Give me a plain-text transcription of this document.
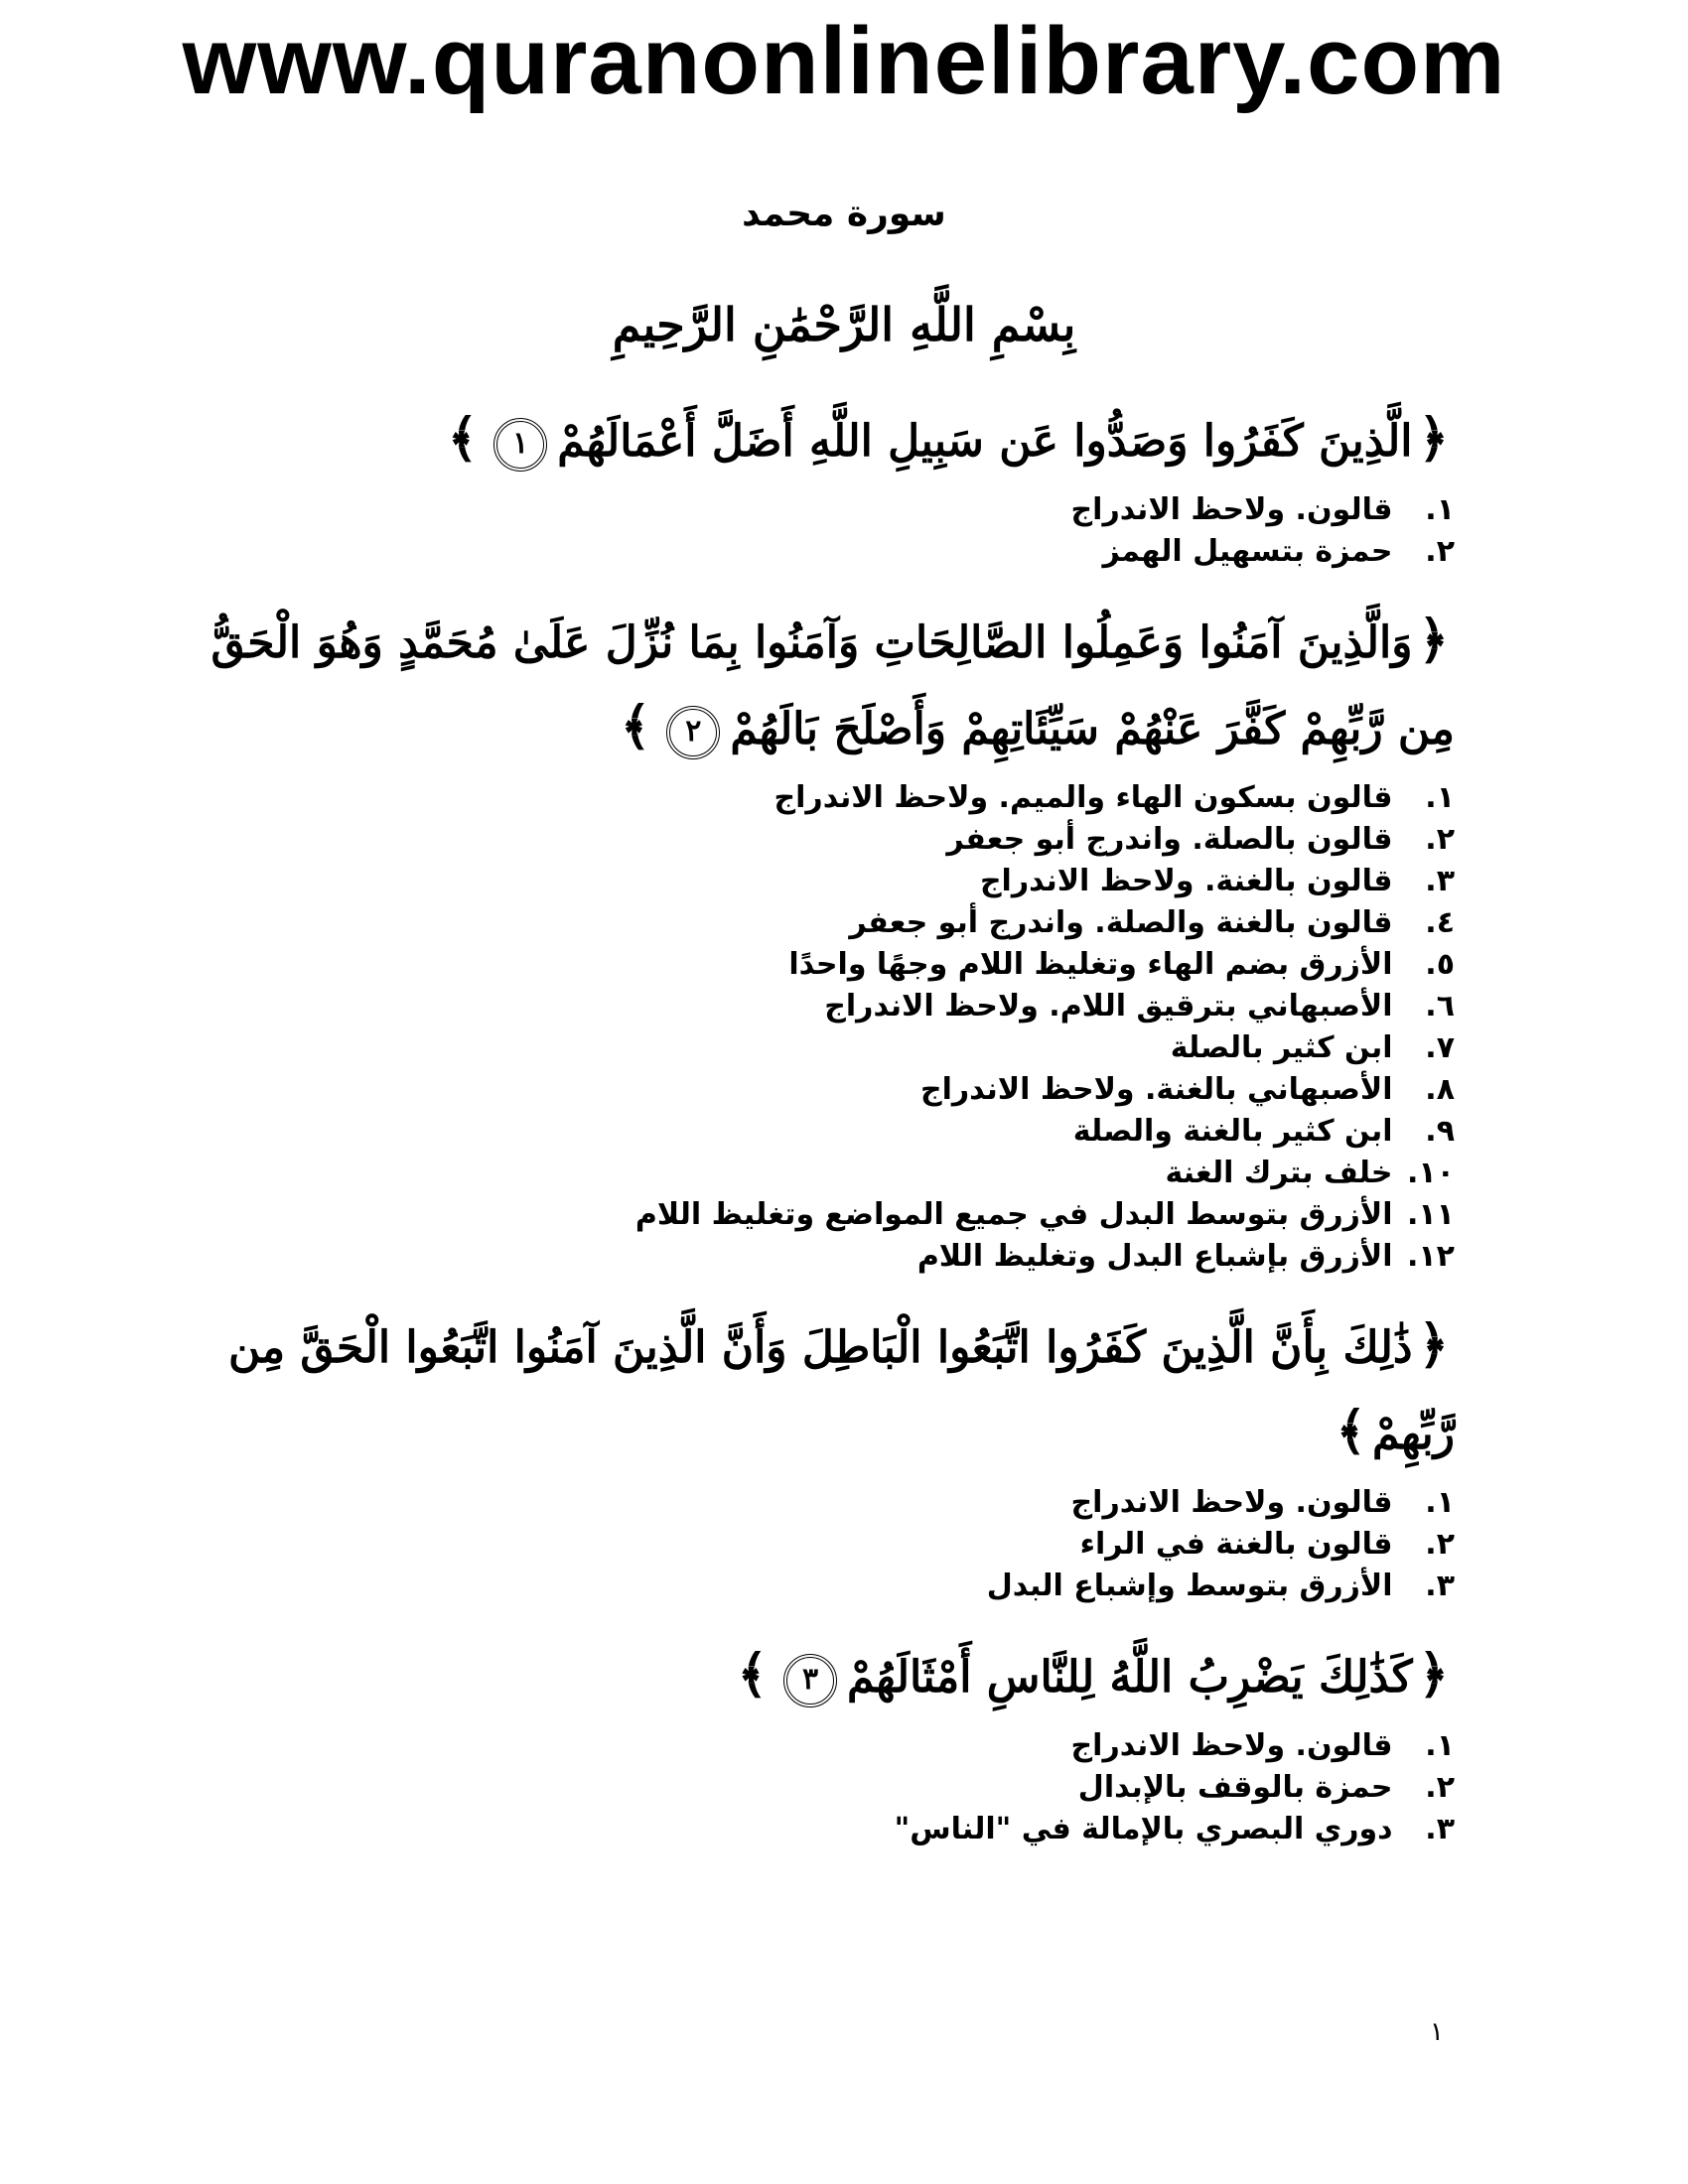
www.quranonlinelibrary.com
سورة محمد
بِسْمِ اللَّهِ الرَّحْمَٰنِ الرَّحِيمِ
﴿الَّذِينَ كَفَرُوا وَصَدُّوا عَن سَبِيلِ اللَّهِ أَضَلَّ أَعْمَالَهُمْ١﴾
١. قالون. ولاحظ الاندراج
٢. حمزة بتسهيل الهمز
﴿وَالَّذِينَ آمَنُوا وَعَمِلُوا الصَّالِحَاتِ وَآمَنُوا بِمَا نُزِّلَ عَلَىٰ مُحَمَّدٍ وَهُوَ الْحَقُّ مِن رَّبِّهِمْ كَفَّرَ عَنْهُمْ سَيِّئَاتِهِمْ وَأَصْلَحَ بَالَهُمْ٢﴾
١. قالون بسكون الهاء والميم. ولاحظ الاندراج
٢. قالون بالصلة. واندرج أبو جعفر
٣. قالون بالغنة. ولاحظ الاندراج
٤. قالون بالغنة والصلة. واندرج أبو جعفر
٥. الأزرق بضم الهاء وتغليظ اللام وجهًا واحدًا
٦. الأصبهاني بترقيق اللام. ولاحظ الاندراج
٧. ابن كثير بالصلة
٨. الأصبهاني بالغنة. ولاحظ الاندراج
٩. ابن كثير بالغنة والصلة
١٠. خلف بترك الغنة
١١. الأزرق بتوسط البدل في جميع المواضع وتغليظ اللام
١٢. الأزرق بإشباع البدل وتغليظ اللام
﴿ذَٰلِكَ بِأَنَّ الَّذِينَ كَفَرُوا اتَّبَعُوا الْبَاطِلَ وَأَنَّ الَّذِينَ آمَنُوا اتَّبَعُوا الْحَقَّ مِن رَّبِّهِمْ﴾
١. قالون. ولاحظ الاندراج
٢. قالون بالغنة في الراء
٣. الأزرق بتوسط وإشباع البدل
﴿كَذَٰلِكَ يَضْرِبُ اللَّهُ لِلنَّاسِ أَمْثَالَهُمْ٣﴾
١. قالون. ولاحظ الاندراج
٢. حمزة بالوقف بالإبدال
٣. دوري البصري بالإمالة في "الناس"
١
